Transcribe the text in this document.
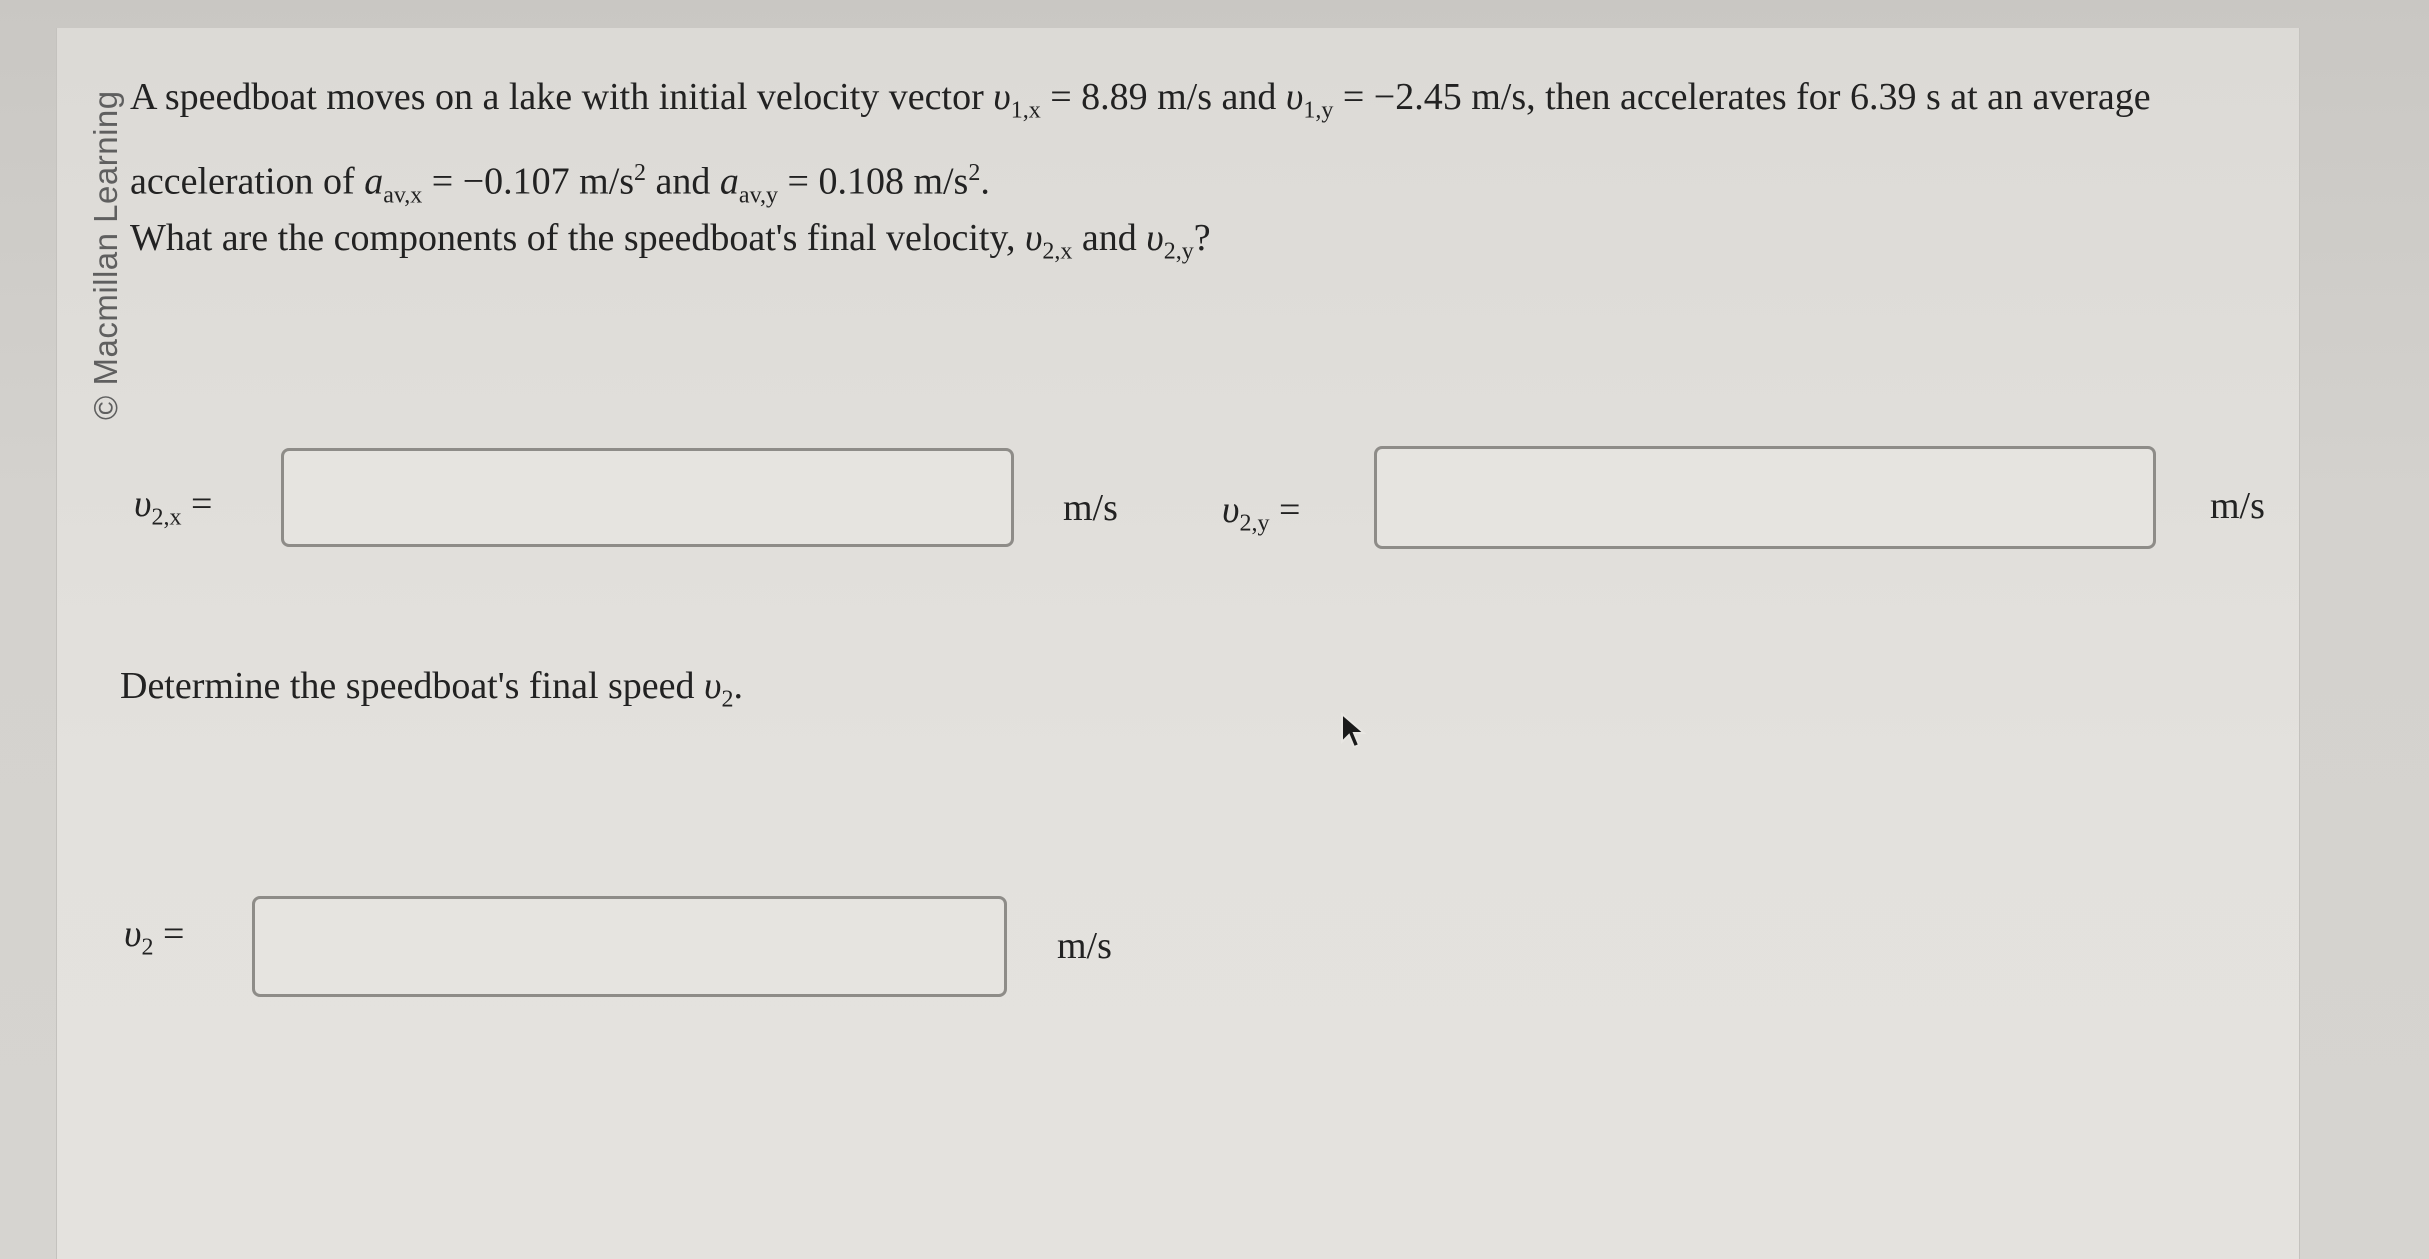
© Macmillan Learning A speedboat moves on a lake with initial velocity vector $\upsilon_{1,x} = 8.89$ m/s and $\upsilon_{1,y} = -2.45$ m/s, then accelerates for 6.39 s at an average acceleration of $a_{av,x} = -0.107$ $m/s^2$ and $a_{av,y} = 0.108$ $m/s^2$.

What are the components of the speedboat's final velocity, $\upsilon_{2,x}$ and $\upsilon_{2,y}$?
$\upsilon_{2,x}$ =	m/s	$\upsilon_{2,y}$ =	m/s
Determine the speedboat's final speed $\upsilon_2$.
$\upsilon_2$ =	m/s
